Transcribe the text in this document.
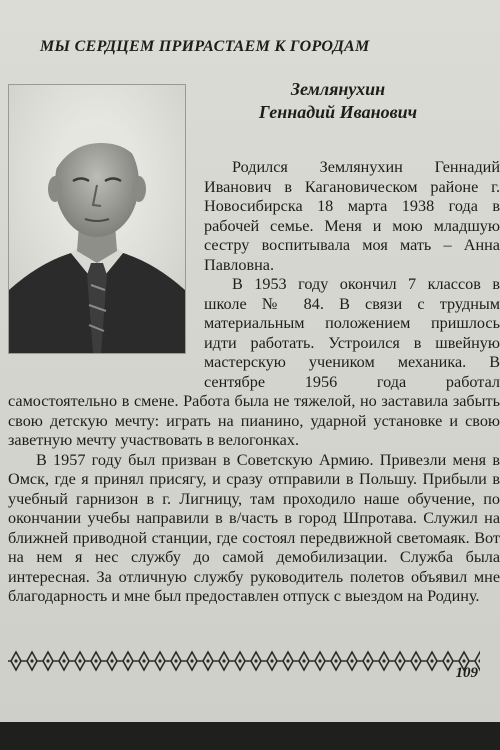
МЫ СЕРДЦЕМ ПРИРАСТАЕМ К ГОРОДАМ
Землянухин
Геннадий Иванович

Родился Землянухин Геннадий Иванович в Кагановическом районе г. Новосибирска 18 марта 1938 года в рабочей семье. Меня и мою младшую сестру воспитывала моя мать – Анна Павловна.

В 1953 году окончил 7 классов в школе № 84. В связи с трудным материальным положением пришлось идти работать. Устроился в швейную мастерскую учеником механика. В сентябре 1956 года работал самостоятельно в смене. Работа была не тяжелой, но заставила забыть свою детскую мечту: играть на пианино, ударной установке и свою заветную мечту участвовать в велогонках.

В 1957 году был призван в Советскую Армию. Привезли меня в Омск, где я принял присягу, и сразу отправили в Польшу. Прибыли в учебный гарнизон в г. Лигницу, там проходило наше обучение, по окончании учебы направили в в/часть в город Шпротава. Служил на ближней приводной станции, где состоял передвижной светомаяк. Вот на нем я нес службу до самой демобилизации. Служба была интересная. За отличную службу руководитель полетов объявил мне благодарность и мне был предоставлен отпуск с выездом на Родину.

109
